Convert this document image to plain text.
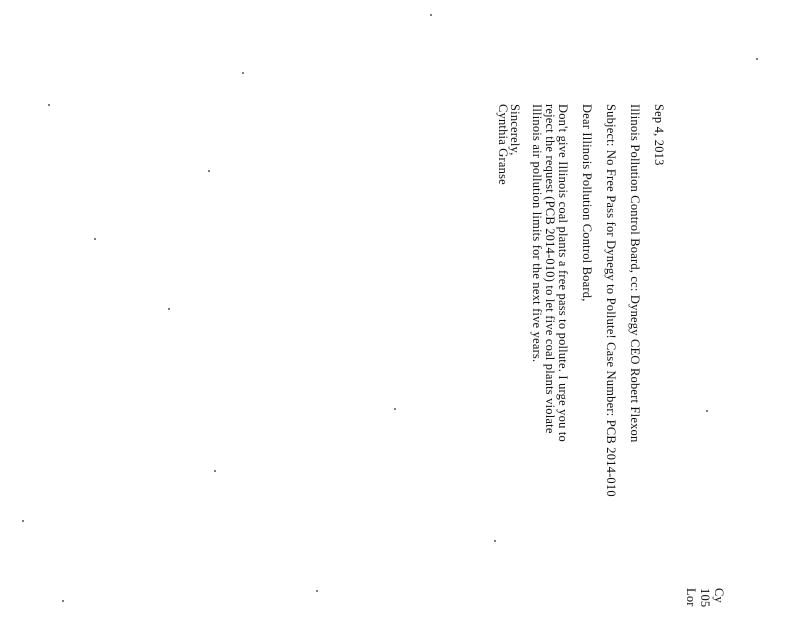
Sep 4, 2013
Illinois Pollution Control Board, cc: Dynegy CEO Robert Flexon
Subject: No Free Pass for Dynegy to Pollute! Case Number: PCB 2014-010
Dear Illinois Pollution Control Board,
Don't give Illinois coal plants a free pass to pollute. I urge you to
reject the request (PCB 2014-010) to let five coal plants violate
Illinois air pollution limits for the next five years.
Sincerely,
Cynthia Granse
Cy
105
Lor
